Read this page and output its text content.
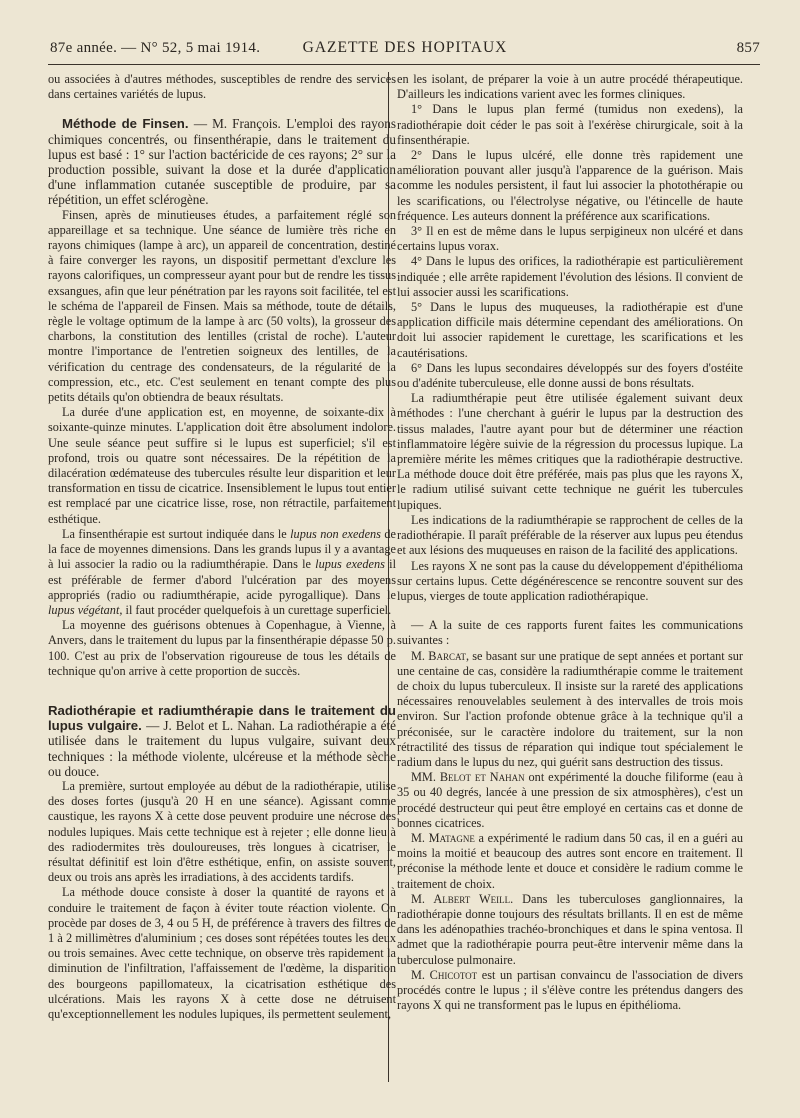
87e année. — N° 52, 5 mai 1914.	GAZETTE DES HOPITAUX	857

ou associées à d'autres méthodes, susceptibles de rendre des services dans certaines variétés de lupus.

Méthode de Finsen. — M. François. L'emploi des rayons chimiques concentrés, ou finsenthérapie, dans le traitement du lupus est basé : 1° sur l'action bactéricide de ces rayons; 2° sur la production possible, suivant la dose et la durée d'application d'une inflammation cutanée susceptible de produire, par sa répétition, un effet sclérogène.

Finsen, après de minutieuses études, a parfaitement réglé son appareillage et sa technique. Une séance de lumière très riche en rayons chimiques (lampe à arc), un appareil de concentration, destiné à faire converger les rayons, un dispositif permettant d'exclure les rayons calorifiques, un compresseur ayant pour but de rendre les tissus exsangues, afin que leur pénétration par les rayons soit facilitée, tel est le schéma de l'appareil de Finsen. Mais sa méthode, toute de détails, règle le voltage optimum de la lampe à arc (50 volts), la grosseur des charbons, la constitution des lentilles (cristal de roche). L'auteur montre l'importance de l'entretien soigneux des lentilles, de la vérification du centrage des condensateurs, de la régularité de la compression, etc., etc. C'est seulement en tenant compte des plus petits détails qu'on obtiendra de beaux résultats.

La durée d'une application est, en moyenne, de soixante-dix à soixante-quinze minutes. L'application doit être absolument indolore. Une seule séance peut suffire si le lupus est superficiel; s'il est profond, trois ou quatre sont nécessaires. De la répétition de la dilacération œdémateuse des tubercules résulte leur disparition et leur transformation en tissu de cicatrice. Insensiblement le lupus tout entier est remplacé par une cicatrice lisse, rose, non rétractile, parfaitement esthétique.

La finsenthérapie est surtout indiquée dans le lupus non exedens de la face de moyennes dimensions. Dans les grands lupus il y a avantage à lui associer la radio ou la radiumthérapie. Dans le lupus exedens il est préférable de fermer d'abord l'ulcération par des moyens appropriés (radio ou radiumthérapie, acide pyrogallique). Dans le lupus végétant, il faut procéder quelquefois à un curettage superficiel.

La moyenne des guérisons obtenues à Copenhague, à Vienne, à Anvers, dans le traitement du lupus par la finsenthérapie dépasse 50 p. 100. C'est au prix de l'observation rigoureuse de tous les détails de technique qu'on arrive à cette proportion de succès.

Radiothérapie et radiumthérapie dans le traitement du lupus vulgaire. — J. Belot et L. Nahan. La radiothérapie a été utilisée dans le traitement du lupus vulgaire, suivant deux techniques : la méthode violente, ulcéreuse et la méthode sèche ou douce.

La première, surtout employée au début de la radiothérapie, utilise des doses fortes (jusqu'à 20 H en une séance). Agissant comme caustique, les rayons X à cette dose peuvent produire une nécrose des nodules lupiques. Mais cette technique est à rejeter ; elle donne lieu à des radiodermites très douloureuses, très longues à cicatriser, le résultat définitif est loin d'être esthétique, enfin, on assiste souvent, deux ou trois ans après les irradiations, à des accidents tardifs.

La méthode douce consiste à doser la quantité de rayons et à conduire le traitement de façon à éviter toute réaction violente. On procède par doses de 3, 4 ou 5 H, de préférence à travers des filtres de 1 à 2 millimètres d'aluminium ; ces doses sont répétées toutes les deux ou trois semaines. Avec cette technique, on observe très rapidement la diminution de l'infiltration, l'affaissement de l'œdème, la disparition des bourgeons papillomateux, la cicatrisation esthétique des ulcérations. Mais les rayons X à cette dose ne détruisent qu'exceptionnellement les nodules lupiques, ils permettent seulement,

en les isolant, de préparer la voie à un autre procédé thérapeutique. D'ailleurs les indications varient avec les formes cliniques.

1° Dans le lupus plan fermé (tumidus non exedens), la radiothérapie doit céder le pas soit à l'exérèse chirurgicale, soit à la finsenthérapie.

2° Dans le lupus ulcéré, elle donne très rapidement une amélioration pouvant aller jusqu'à l'apparence de la guérison. Mais comme les nodules persistent, il faut lui associer la photothérapie ou les scarifications, ou l'électrolyse négative, ou l'étincelle de haute fréquence. Les auteurs donnent la préférence aux scarifications.

3° Il en est de même dans le lupus serpigineux non ulcéré et dans certains lupus vorax.

4° Dans le lupus des orifices, la radiothérapie est particulièrement indiquée ; elle arrête rapidement l'évolution des lésions. Il convient de lui associer aussi les scarifications.

5° Dans le lupus des muqueuses, la radiothérapie est d'une application difficile mais détermine cependant des améliorations. On doit lui associer rapidement le curettage, les scarifications et les cautérisations.

6° Dans les lupus secondaires développés sur des foyers d'ostéite ou d'adénite tuberculeuse, elle donne aussi de bons résultats.

La radiumthérapie peut être utilisée également suivant deux méthodes : l'une cherchant à guérir le lupus par la destruction des tissus malades, l'autre ayant pour but de déterminer une réaction inflammatoire légère suivie de la régression du processus lupique. La première mérite les mêmes critiques que la radiothérapie destructive. La méthode douce doit être préférée, mais pas plus que les rayons X, le radium utilisé suivant cette technique ne guérit les tubercules lupiques.

Les indications de la radiumthérapie se rapprochent de celles de la radiothérapie. Il paraît préférable de la réserver aux lupus peu étendus et aux lésions des muqueuses en raison de la facilité des applications.

Les rayons X ne sont pas la cause du développement d'épithélioma sur certains lupus. Cette dégénérescence se rencontre souvent sur des lupus, vierges de toute application radiothérapique.

— A la suite de ces rapports furent faites les communications suivantes :

M. Barcat, se basant sur une pratique de sept années et portant sur une centaine de cas, considère la radiumthérapie comme le traitement de choix du lupus tuberculeux. Il insiste sur la rareté des applications nécessaires renouvelables seulement à des intervalles de trois mois environ. Sur l'action profonde obtenue grâce à la technique qu'il a préconisée, sur le caractère indolore du traitement, sur la non rétractilité des tissus de réparation qui indique tout spécialement le radium dans le lupus du nez, qui guérit sans destruction des tissus.

MM. Belot et Nahan ont expérimenté la douche filiforme (eau à 35 ou 40 degrés, lancée à une pression de six atmosphères), c'est un procédé destructeur qui peut être employé en certains cas et donne de bonnes cicatrices.

M. Matagne a expérimenté le radium dans 50 cas, il en a guéri au moins la moitié et beaucoup des autres sont encore en traitement. Il préconise la méthode lente et douce et considère le radium comme le traitement de choix.

M. Albert Weill. Dans les tuberculoses ganglionnaires, la radiothérapie donne toujours des résultats brillants. Il en est de même dans les adénopathies trachéo-bronchiques et dans le spina ventosa. Il admet que la radiothérapie pourra peut-être intervenir même dans la tuberculose pulmonaire.

M. Chicotot est un partisan convaincu de l'association de divers procédés contre le lupus ; il s'élève contre les prétendus dangers des rayons X qui ne transforment pas le lupus en épithélioma.
